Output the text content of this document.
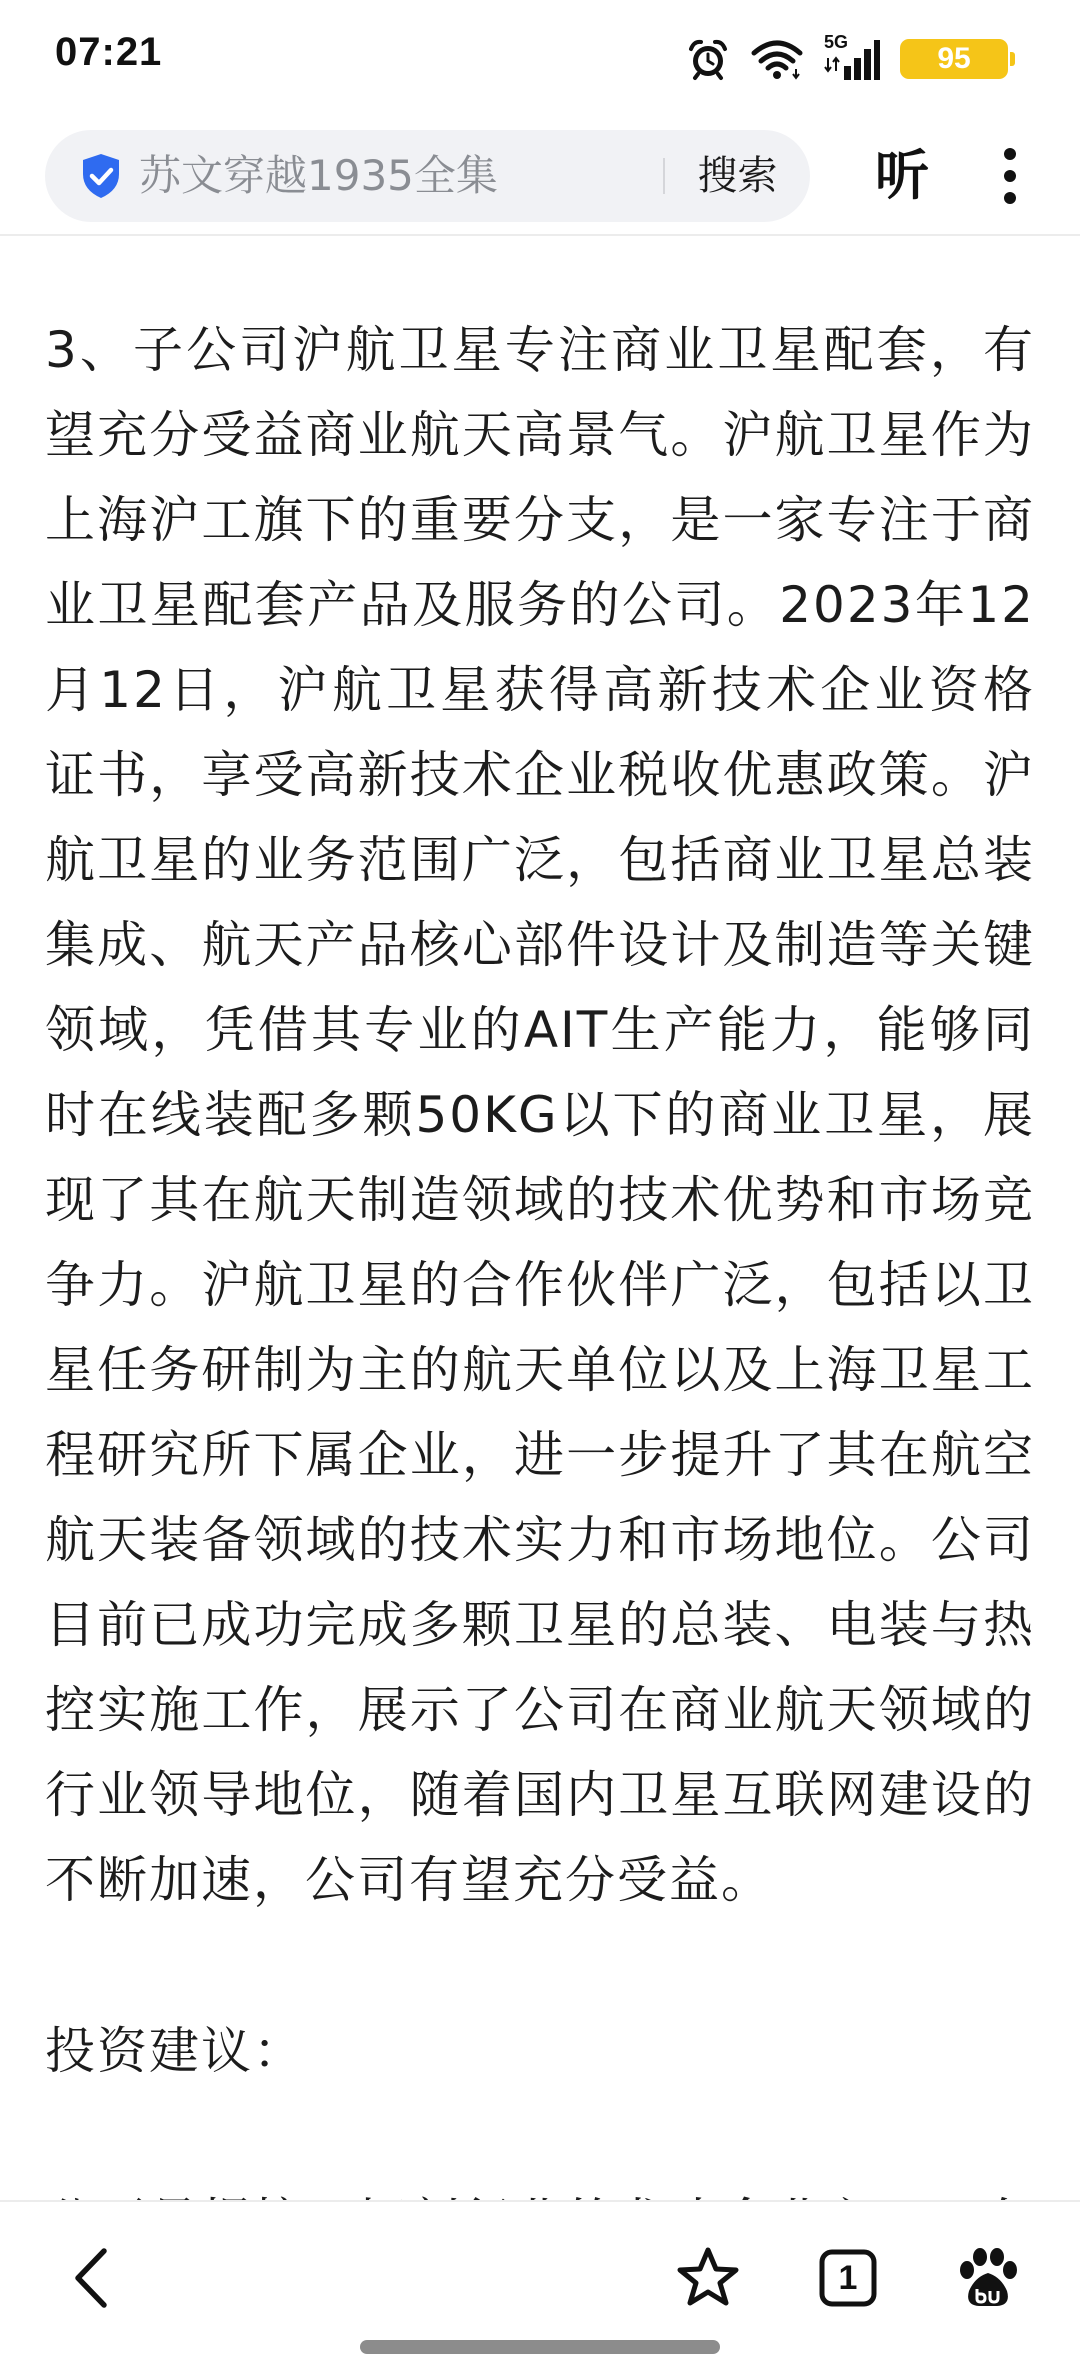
07:21	5G	95
苏文穿越1935全集	搜索	听

3、子公司沪航卫星专注商业卫星配套，有望充分受益商业航天高景气。沪航卫星作为上海沪工旗下的重要分支，是一家专注于商业卫星配套产品及服务的公司。2023年12月12日，沪航卫星获得高新技术企业资格证书，享受高新技术企业税收优惠政策。沪航卫星的业务范围广泛，包括商业卫星总装集成、航天产品核心部件设计及制造等关键领域，凭借其专业的AIT生产能力，能够同时在线装配多颗50KG以下的商业卫星，展现了其在航天制造领域的技术优势和市场竞争力。沪航卫星的合作伙伴广泛，包括以卫星任务研制为主的航天单位以及上海卫星工程研究所下属企业，进一步提升了其在航空航天装备领域的技术实力和市场地位。公司目前已成功完成多颗卫星的总装、电装与热控实施工作，展示了公司在商业航天领域的行业领导地位，随着国内卫星互联网建设的不断加速，公司有望充分受益。

投资建议：

1
